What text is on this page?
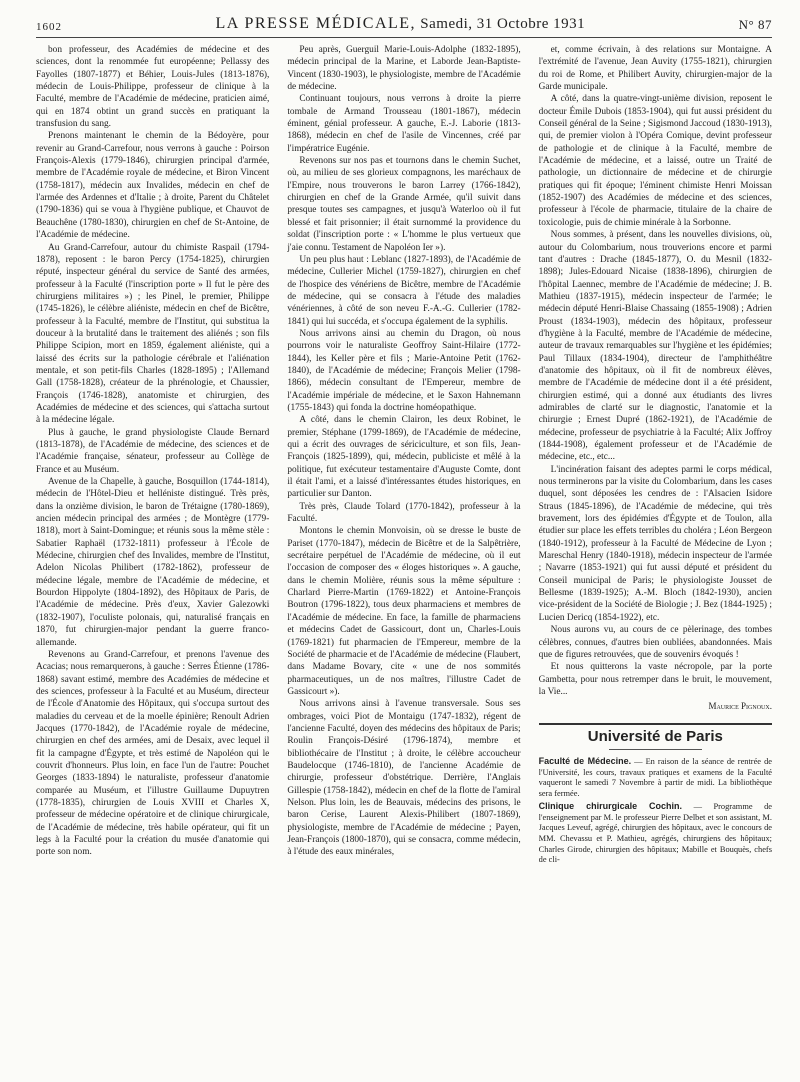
1602	LA PRESSE MÉDICALE, Samedi, 31 Octobre 1931	N° 87

bon professeur, des Académies de médecine et des sciences, dont la renommée fut européenne; Pellassy des Fayolles (1807-1877) et Béhier, Louis-Jules (1813-1876), médecin de Louis-Philippe, professeur de clinique à la Faculté, membre de l'Académie de médecine, praticien aimé, qui en 1874 obtint un grand succès en pratiquant la transfusion du sang.

Prenons maintenant le chemin de la Bédoyère, pour revenir au Grand-Carrefour, nous verrons à gauche : Poirson François-Alexis (1779-1846), chirurgien principal d'armée, membre de l'Académie royale de médecine, et Biron Vincent (1758-1817), médecin aux Invalides, médecin en chef de l'armée des Ardennes et d'Italie ; à droite, Parent du Châtelet (1790-1836) qui se voua à l'hygiène publique, et Chauvot de Beauchêne (1780-1830), chirurgien en chef de St-Antoine, de l'Académie de médecine.

Au Grand-Carrefour, autour du chimiste Raspail (1794-1878), reposent : le baron Percy (1754-1825), chirurgien réputé, inspecteur général du service de Santé des armées, professeur à la Faculté (l'inscription porte » Il fut le père des chirurgiens militaires ») ; les Pinel, le premier, Philippe (1745-1826), le célèbre aliéniste, médecin en chef de Bicêtre, professeur à la Faculté, membre de l'Institut, qui substitua la douceur à la brutalité dans le traitement des aliénés ; son fils Philippe Scipion, mort en 1859, également aliéniste, qui a laissé des écrits sur la pathologie cérébrale et l'aliénation mentale, et son petit-fils Charles (1828-1895) ; l'Allemand Gall (1758-1828), créateur de la phrénologie, et Chaussier, François (1746-1828), anatomiste et chirurgien, des Académies de médecine et des sciences, qui s'attacha surtout à la médecine légale.

Plus à gauche, le grand physiologiste Claude Bernard (1813-1878), de l'Académie de médecine, des sciences et de l'Académie française, sénateur, professeur au Collège de France et au Muséum.

Avenue de la Chapelle, à gauche, Bosquillon (1744-1814), médecin de l'Hôtel-Dieu et helléniste distingué. Très près, dans la onzième division, le baron de Trétaigne (1780-1869), ancien médecin principal des armées ; de Montègre (1779-1818), mort à Saint-Domingue; et réunis sous la même stèle : Sabatier Raphaël (1732-1811) professeur à l'École de Médecine, chirurgien chef des Invalides, membre de l'Institut, Adelon Nicolas Philibert (1782-1862), professeur de médecine légale, membre de l'Académie de médecine, et Bourdon Hippolyte (1804-1892), des Hôpitaux de Paris, de l'Académie de médecine. Près d'eux, Xavier Galezowki (1832-1907), l'oculiste polonais, qui, naturalisé français en 1870, fut chirurgien-major pendant la guerre franco-allemande.

Revenons au Grand-Carrefour, et prenons l'avenue des Acacias; nous remarquerons, à gauche : Serres Étienne (1786-1868) savant estimé, membre des Académies de médecine et des sciences, professeur à la Faculté et au Muséum, directeur de l'École d'Anatomie des Hôpitaux, qui s'occupa surtout des maladies du cerveau et de la moelle épinière; Renoult Adrien Jacques (1770-1842), de l'Académie royale de médecine, chirurgien en chef des armées, ami de Desaix, avec lequel il fit la campagne d'Égypte, et très estimé de Napoléon qui le couvrit d'honneurs. Plus loin, en face l'un de l'autre: Pouchet Georges (1833-1894) le naturaliste, professeur d'anatomie comparée au Muséum, et l'illustre Guillaume Dupuytren (1778-1835), chirurgien de Louis XVIII et Charles X, professeur de médecine opératoire et de clinique chirurgicale, de l'Académie de médecine, très habile opérateur, qui fit un legs à la Faculté pour la création du musée d'anatomie qui porte son nom.

Peu après, Guerguil Marie-Louis-Adolphe (1832-1895), médecin principal de la Marine, et Laborde Jean-Baptiste-Vincent (1830-1903), le physiologiste, membre de l'Académie de médecine.

Continuant toujours, nous verrons à droite la pierre tombale de Armand Trousseau (1801-1867), médecin éminent, génial professeur. A gauche, E.-J. Laborie (1813-1868), médecin en chef de l'asile de Vincennes, créé par l'impératrice Eugénie.

Revenons sur nos pas et tournons dans le chemin Suchet, où, au milieu de ses glorieux compagnons, les maréchaux de l'Empire, nous trouverons le baron Larrey (1766-1842), chirurgien en chef de la Grande Armée, qu'il suivit dans presque toutes ses campagnes, et jusqu'à Waterloo où il fut blessé et fait prisonnier; il était surnommé la providence du soldat (l'inscription porte : « L'homme le plus vertueux que j'aie connu. Testament de Napoléon Ier »).

Un peu plus haut : Leblanc (1827-1893), de l'Académie de médecine, Cullerier Michel (1759-1827), chirurgien en chef de l'hospice des vénériens de Bicêtre, membre de l'Académie de médecine, qui se consacra à l'étude des maladies vénériennes, à côté de son neveu F.-A.-G. Cullerier (1782-1841) qui lui succéda, et s'occupa également de la syphilis.

Nous arrivons ainsi au chemin du Dragon, où nous pourrons voir le naturaliste Geoffroy Saint-Hilaire (1772-1844), les Keller père et fils ; Marie-Antoine Petit (1762-1840), de l'Académie de médecine; François Melier (1798-1866), médecin consultant de l'Empereur, membre de l'Académie impériale de médecine, et le Saxon Hahnemann (1755-1843) qui fonda la doctrine homéopathique.

A côté, dans le chemin Clairon, les deux Robinet, le premier, Stéphane (1799-1869), de l'Académie de médecine, qui a écrit des ouvrages de sériciculture, et son fils, Jean-François (1825-1899), qui, médecin, publiciste et mêlé à la politique, fut exécuteur testamentaire d'Auguste Comte, dont il était l'ami, et a laissé d'intéressantes études historiques, en particulier sur Danton.

Très près, Claude Tolard (1770-1842), professeur à la Faculté.

Montons le chemin Monvoisin, où se dresse le buste de Pariset (1770-1847), médecin de Bicêtre et de la Salpêtrière, secrétaire perpétuel de l'Académie de médecine, où il eut l'occasion de composer des « éloges historiques ». A gauche, dans le chemin Molière, réunis sous la même sépulture : Charlard Pierre-Martin (1769-1822) et Antoine-François Boutron (1796-1822), tous deux pharmaciens et membres de l'Académie de médecine. En face, la famille de pharmaciens et médecins Cadet de Gassicourt, dont un, Charles-Louis (1769-1821) fut pharmacien de l'Empereur, membre de la Société de pharmacie et de l'Académie de médecine (Flaubert, dans Madame Bovary, cite « une de nos sommités pharmaceutiques, un de nos maîtres, l'illustre Cadet de Gassicourt »).

Nous arrivons ainsi à l'avenue transversale. Sous ses ombrages, voici Piot de Montaigu (1747-1832), régent de l'ancienne Faculté, doyen des médecins des hôpitaux de Paris; Roulin François-Désiré (1796-1874), membre et bibliothécaire de l'Institut ; à droite, le célèbre accoucheur Baudelocque (1746-1810), de l'ancienne Académie de chirurgie, professeur d'obstétrique. Derrière, l'Anglais Gillespie (1758-1842), médecin en chef de la flotte de l'amiral Nelson. Plus loin, les de Beauvais, médecins des prisons, le baron Cerise, Laurent Alexis-Philibert (1807-1869), physiologiste, membre de l'Académie de médecine ; Payen, Jean-François (1800-1870), qui se consacra, comme médecin, à l'étude des eaux minérales,

et, comme écrivain, à des relations sur Montaigne. A l'extrémité de l'avenue, Jean Auvity (1755-1821), chirurgien du roi de Rome, et Philibert Auvity, chirurgien-major de la Garde municipale.

A côté, dans la quatre-vingt-unième division, reposent le docteur Émile Dubois (1853-1904), qui fut aussi président du Conseil général de la Seine ; Sigismond Jaccoud (1830-1913), qui, de premier violon à l'Opéra Comique, devint professeur de pathologie et de clinique à la Faculté, membre de l'Académie de médecine, et a laissé, outre un Traité de pathologie, un dictionnaire de médecine et de chirurgie pratiques qui fit époque; l'éminent chimiste Henri Moissan (1852-1907) des Académies de médecine et des sciences, professeur à l'école de pharmacie, titulaire de la chaire de toxicologie, puis de chimie minérale à la Sorbonne.

Nous sommes, à présent, dans les nouvelles divisions, où, autour du Colombarium, nous trouverions encore et parmi tant d'autres : Drache (1845-1877), O. du Mesnil (1832-1898); Jules-Edouard Nicaise (1838-1896), chirurgien de l'hôpital Laennec, membre de l'Académie de médecine; J. B. Mathieu (1837-1915), médecin inspecteur de l'armée; le médecin député Henri-Blaise Chassaing (1855-1908) ; Adrien Proust (1834-1903), médecin des hôpitaux, professeur d'hygiène à la Faculté, membre de l'Académie de médecine, auteur de travaux remarquables sur l'hygiène et les épidémies; Paul Tillaux (1834-1904), directeur de l'amphithéâtre d'anatomie des hôpitaux, où il fit de nombreux élèves, membre de l'Académie de médecine dont il a été président, chirurgien estimé, qui a donné aux étudiants des livres admirables de clarté sur le diagnostic, l'anatomie et la chirurgie ; Ernest Dupré (1862-1921), de l'Académie de médecine, professeur de psychiatrie à la Faculté; Alix Joffroy (1844-1908), également professeur et de l'Académie de médecine, etc., etc...

L'incinération faisant des adeptes parmi le corps médical, nous terminerons par la visite du Colombarium, dans les cases duquel, sont déposées les cendres de : l'Alsacien Isidore Straus (1845-1896), de l'Académie de médecine, qui très bravement, lors des épidémies d'Égypte et de Toulon, alla étudier sur place les effets terribles du choléra ; Léon Bergeon (1840-1912), professeur à la Faculté de Médecine de Lyon ; Mareschal Henry (1840-1918), médecin inspecteur de l'armée ; Navarre (1853-1921) qui fut aussi député et président du Conseil municipal de Paris; le physiologiste Jousset de Bellesme (1839-1925); A.-M. Bloch (1842-1930), ancien vice-président de la Société de Biologie ; J. Bez (1844-1925) ; Lucien Dericq (1854-1922), etc.

Nous aurons vu, au cours de ce pèlerinage, des tombes célèbres, connues, d'autres bien oubliées, abandonnées. Mais que de figures retrouvées, que de souvenirs évoqués !

Et nous quitterons la vaste nécropole, par la porte Gambetta, pour nous retremper dans le bruit, le mouvement, la Vie...

Maurice Pignoux.
Université de Paris

Faculté de Médecine. — En raison de la séance de rentrée de l'Université, les cours, travaux pratiques et examens de la Faculté vaqueront le samedi 7 Novembre à partir de midi. La bibliothèque sera fermée.

Clinique chirurgicale Cochin. — Programme de l'enseignement par M. le professeur Pierre Delbet et son assistant, M. Jacques Leveuf, agrégé, chirurgien des hôpitaux, avec le concours de MM. Chevassu et P. Mathieu, agrégés, chirurgiens des hôpitaux; Charles Girode, chirurgien des hôpitaux; Mabille et Bouquès, chefs de cli-
